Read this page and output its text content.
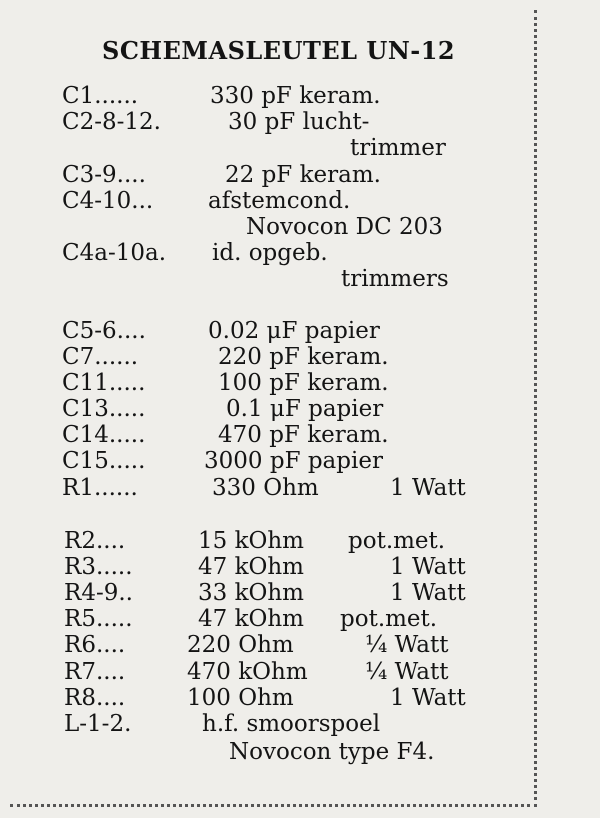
SCHEMASLEUTEL UN-12
C1......	330 pF keram.
C2-8-12.	30 pF lucht-
trimmer
C3-9....	22 pF keram.
C4-10... afstemcond.
Novocon DC 203
C4a-10a. id. opgeb.
trimmers
C5-6....	0.02 μF papier
C7......	220 pF keram.
C11.....	100 pF keram.
C13.....	0.1 μF papier
C14.....	470 pF keram.
C15.....	3000 pF papier
R1......	330 Ohm	1 Watt
R2....	15 kOhm pot.met.
R3.....	47 kOhm	1 Watt
R4-9..	33 kOhm	1 Watt
R5.....	47 kOhm pot.met.
R6....	220 Ohm	¼ Watt
R7....	470 kOhm ¼ Watt
R8....	100 Ohm	1 Watt
L-1-2.	h.f. smoorspoel
Novocon type F4.
